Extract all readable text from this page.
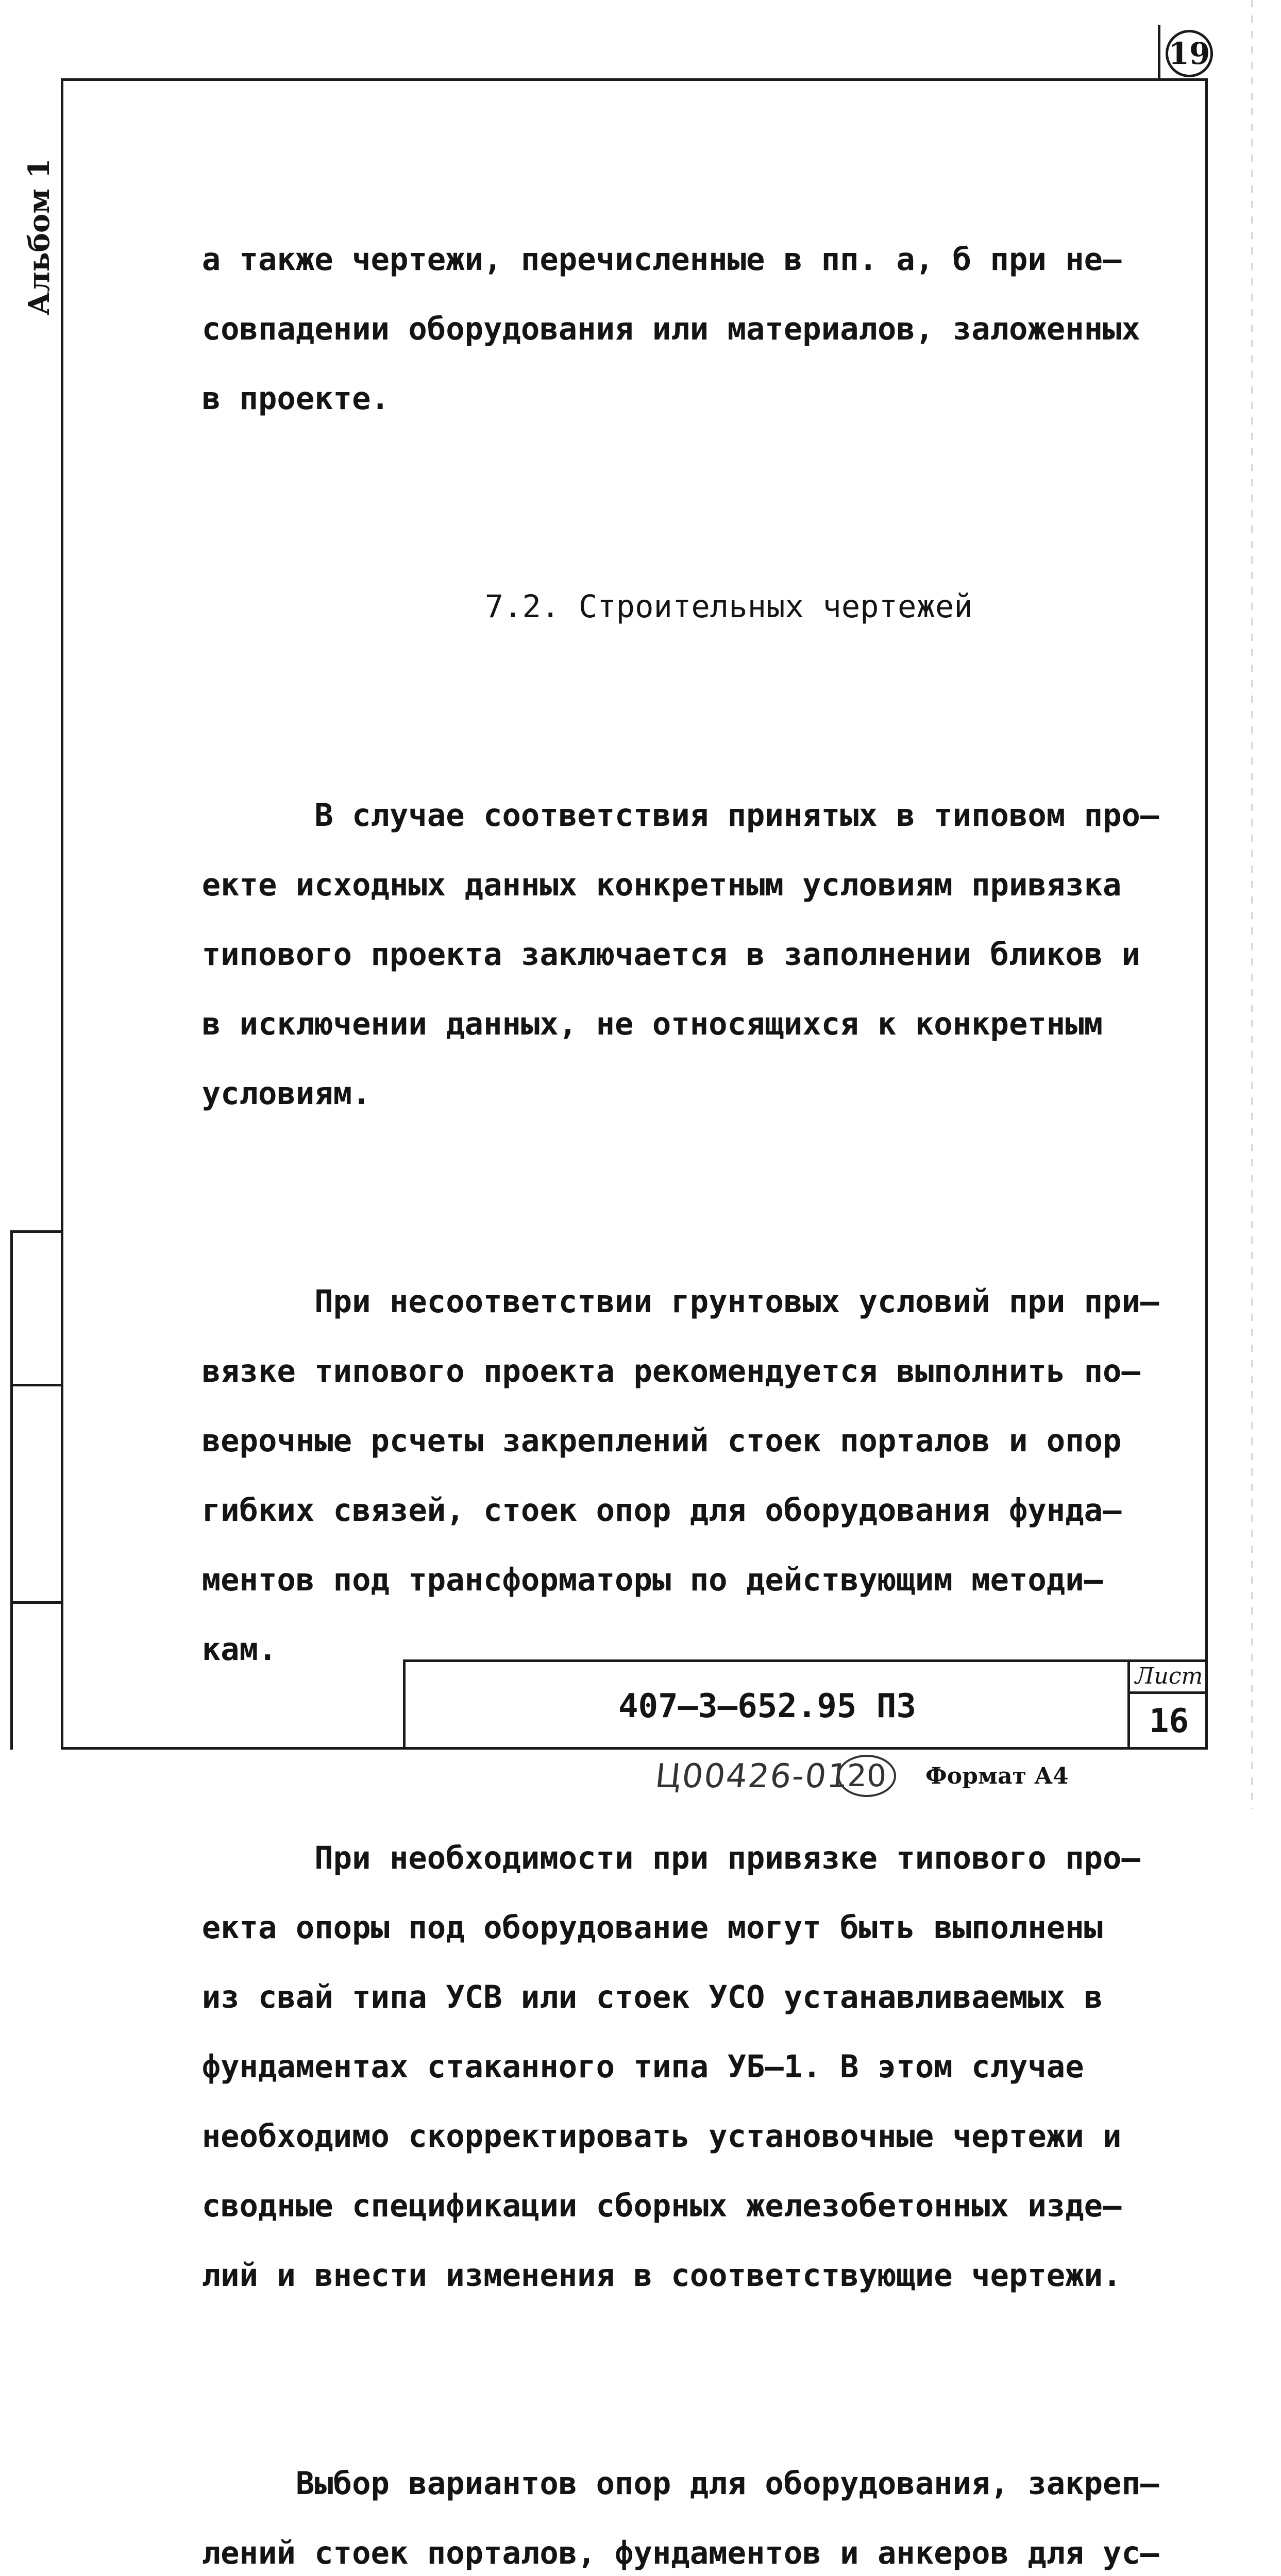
19
Альбом 1

	а также чертежи, перечисленные в пп. а, б при не–

совпадении оборудования или материалов, заложенных

в проекте.

7.2. Строительных чертежей

В случае соответствия принятых в типовом про–

екте исходных данных конкретным условиям привязка

типового проекта заключается в заполнении бликов и

в исключении данных, не относящихся к конкретным

условиям.

При несоответствии грунтовых условий при при–

вязке типового проекта рекомендуется выполнить по–

верочные рсчеты закреплений стоек порталов и опор

гибких связей, стоек опор для оборудования фунда–

ментов под трансформаторы по действующим методи–

кам.

При необходимости при привязке типового про–

екта опоры под оборудование могут быть выполнены

из свай типа УСВ или стоек УСО устанавливаемых в

фундаментах стаканного типа УБ–1. В этом случае

необходимо скорректировать установочные чертежи и

сводные спецификации сборных железобетонных изде–

лий и внести изменения в соответствующие чертежи.

Выбор вариантов опор для оборудования, закреп–

лений стоек порталов, фундаментов и анкеров для ус–

407–3–652.95 ПЗ
Лист
16
Ц00426-01
20	Формат А4
